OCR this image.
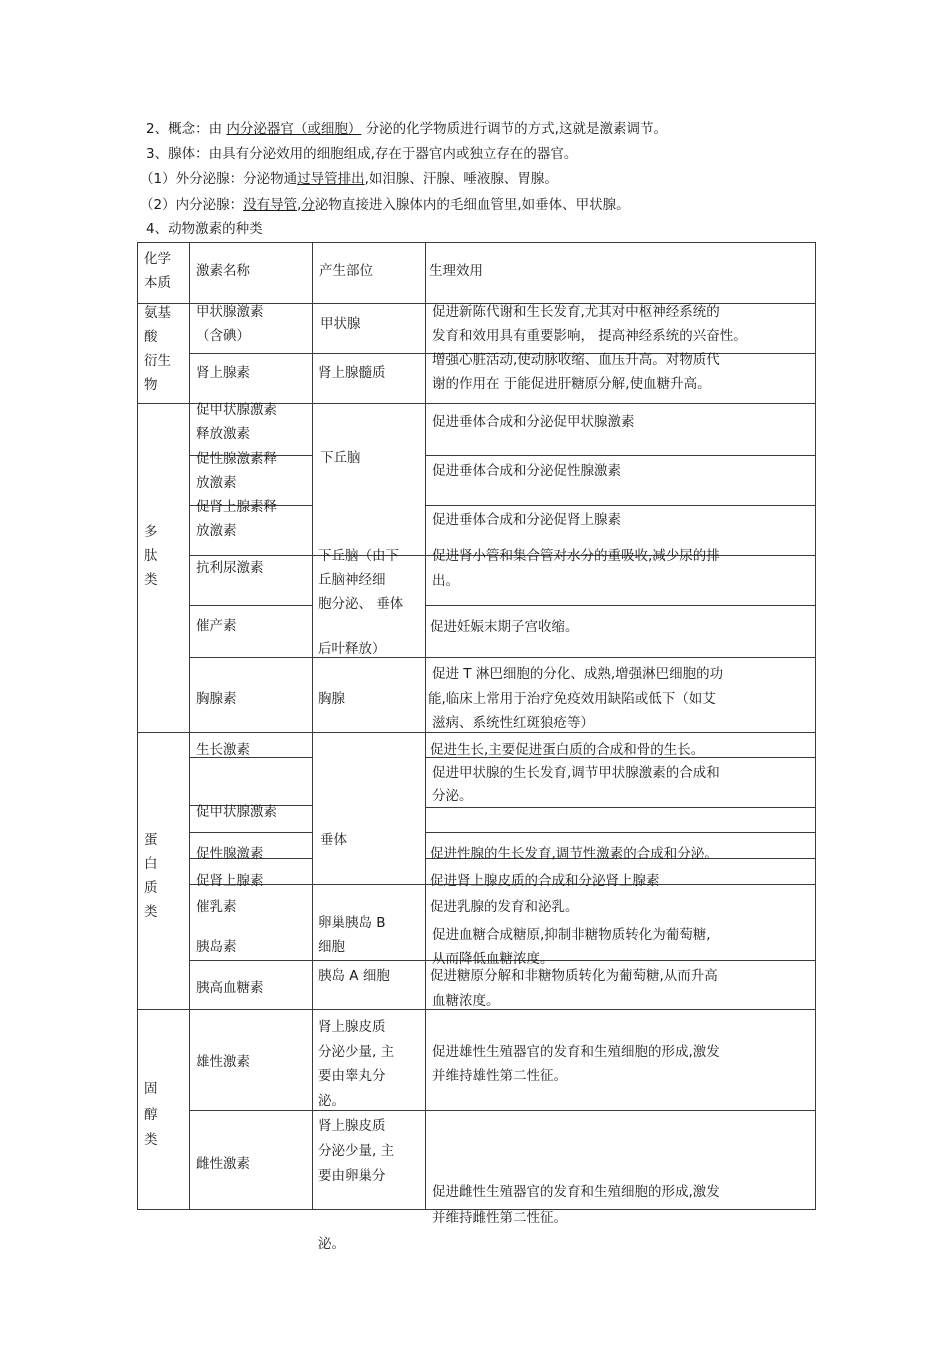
2、概念：由 内分泌器官（或细胞） 分泌的化学物质进行调节的方式,这就是激素调节。
3、腺体：由具有分泌效用的细胞组成,存在于器官内或独立存在的器官。
（1）外分泌腺：分泌物通过导管排出,如泪腺、汗腺、唾液腺、胃腺。
（2）内分泌腺：没有导管,分泌物直接进入腺体内的毛细血管里,如垂体、甲状腺。
4、动物激素的种类
化学
本质
激素名称	产生部位	生理效用
氨基
酸
衍生
物
多
肽
类
蛋
白
质
类
固
醇
类
甲状腺激素
（含碘）
肾上腺素
促甲状腺激素
释放激素
促性腺激素释
放激素
促肾上腺素释
放激素
抗利尿激素
催产素
胸腺素
生长激素
促甲状腺激素
促性腺激素
促肾上腺素
催乳素
胰岛素
胰高血糖素
雄性激素
雌性激素
甲状腺
肾上腺髓质
下丘脑
下丘脑（由下
丘脑神经细
胞分泌、 垂体
后叶释放）
胸腺
垂体
卵巢胰岛 B
细胞
胰岛 A 细胞
肾上腺皮质
分泌少量, 主
要由睾丸分
泌。
肾上腺皮质
分泌少量, 主
要由卵巢分
泌。
促进新陈代谢和生长发育,尤其对中枢神经系统的
发育和效用具有重要影响， 提高神经系统的兴奋性。
增强心脏活动,使动脉收缩、血压升高。对物质代
谢的作用在 于能促进肝糖原分解,使血糖升高。
促进垂体合成和分泌促甲状腺激素
促进垂体合成和分泌促性腺激素
促进垂体合成和分泌促肾上腺素
促进肾小管和集合管对水分的重吸收,减少尿的排
出。
促进妊娠末期子宫收缩。
促进 T 淋巴细胞的分化、成熟,增强淋巴细胞的功
能,临床上常用于治疗免疫效用缺陷或低下（如艾
滋病、系统性红斑狼疮等）
促进生长,主要促进蛋白质的合成和骨的生长。
促进甲状腺的生长发育,调节甲状腺激素的合成和
分泌。
促进性腺的生长发育,调节性激素的合成和分泌。
促进肾上腺皮质的合成和分泌肾上腺素
促进乳腺的发育和泌乳。
促进血糖合成糖原,抑制非糖物质转化为葡萄糖,
从而降低血糖浓度。
促进糖原分解和非糖物质转化为葡萄糖,从而升高
血糖浓度。
促进雄性生殖器官的发育和生殖细胞的形成,激发
并维持雄性第二性征。
促进雌性生殖器官的发育和生殖细胞的形成,激发
并维持雌性第二性征。
